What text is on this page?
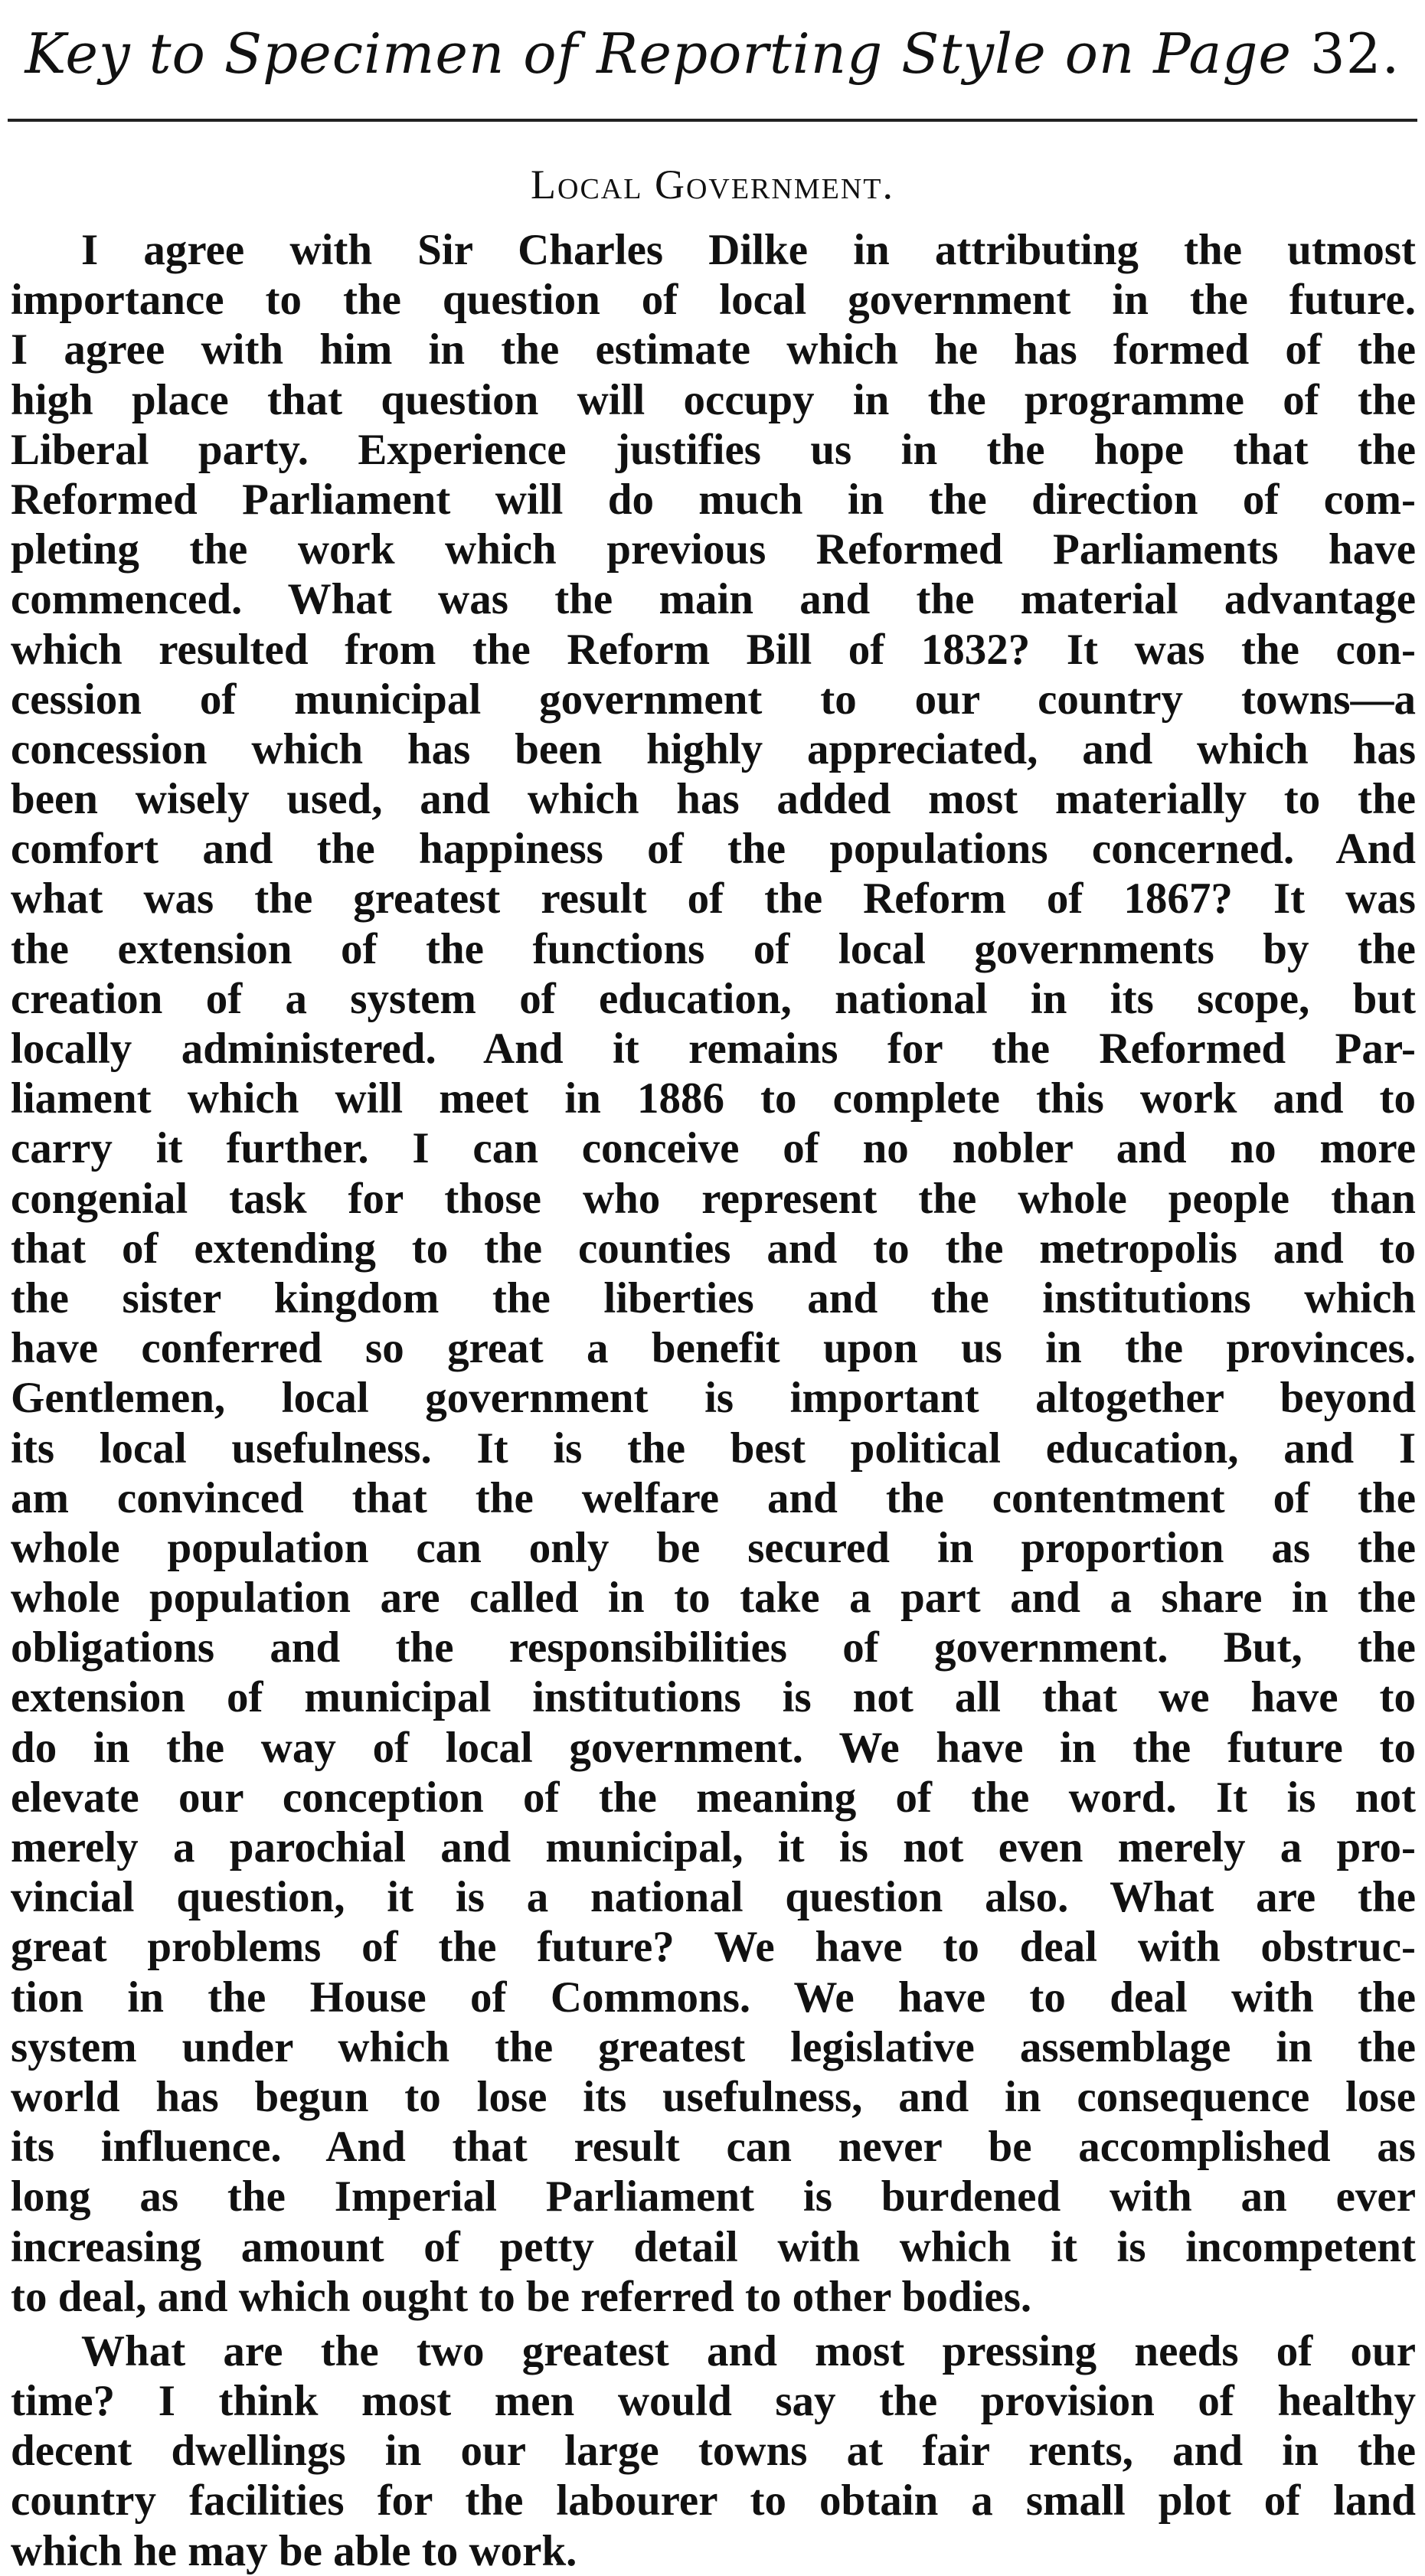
Key to Specimen of Reporting Style on Page 32.
Local Government.
I agree with Sir Charles Dilke in attributing the utmost
importance to the question of local government in the future.
I agree with him in the estimate which he has formed of the
high place that question will occupy in the programme of the
Liberal party. Experience justifies us in the hope that the
Reformed Parliament will do much in the direction of com-
pleting the work which previous Reformed Parliaments have
commenced. What was the main and the material advantage
which resulted from the Reform Bill of 1832? It was the con-
cession of municipal government to our country towns—a
concession which has been highly appreciated, and which has
been wisely used, and which has added most materially to the
comfort and the happiness of the populations concerned. And
what was the greatest result of the Reform of 1867? It was
the extension of the functions of local governments by the
creation of a system of education, national in its scope, but
locally administered. And it remains for the Reformed Par-
liament which will meet in 1886 to complete this work and to
carry it further. I can conceive of no nobler and no more
congenial task for those who represent the whole people than
that of extending to the counties and to the metropolis and to
the sister kingdom the liberties and the institutions which
have conferred so great a benefit upon us in the provinces.
Gentlemen, local government is important altogether beyond
its local usefulness. It is the best political education, and I
am convinced that the welfare and the contentment of the
whole population can only be secured in proportion as the
whole population are called in to take a part and a share in the
obligations and the responsibilities of government. But, the
extension of municipal institutions is not all that we have to
do in the way of local government. We have in the future to
elevate our conception of the meaning of the word. It is not
merely a parochial and municipal, it is not even merely a pro-
vincial question, it is a national question also. What are the
great problems of the future? We have to deal with obstruc-
tion in the House of Commons. We have to deal with the
system under which the greatest legislative assemblage in the
world has begun to lose its usefulness, and in consequence lose
its influence. And that result can never be accomplished as
long as the Imperial Parliament is burdened with an ever
increasing amount of petty detail with which it is incompetent
to deal, and which ought to be referred to other bodies.
What are the two greatest and most pressing needs of our
time? I think most men would say the provision of healthy
decent dwellings in our large towns at fair rents, and in the
country facilities for the labourer to obtain a small plot of land
which he may be able to work.
